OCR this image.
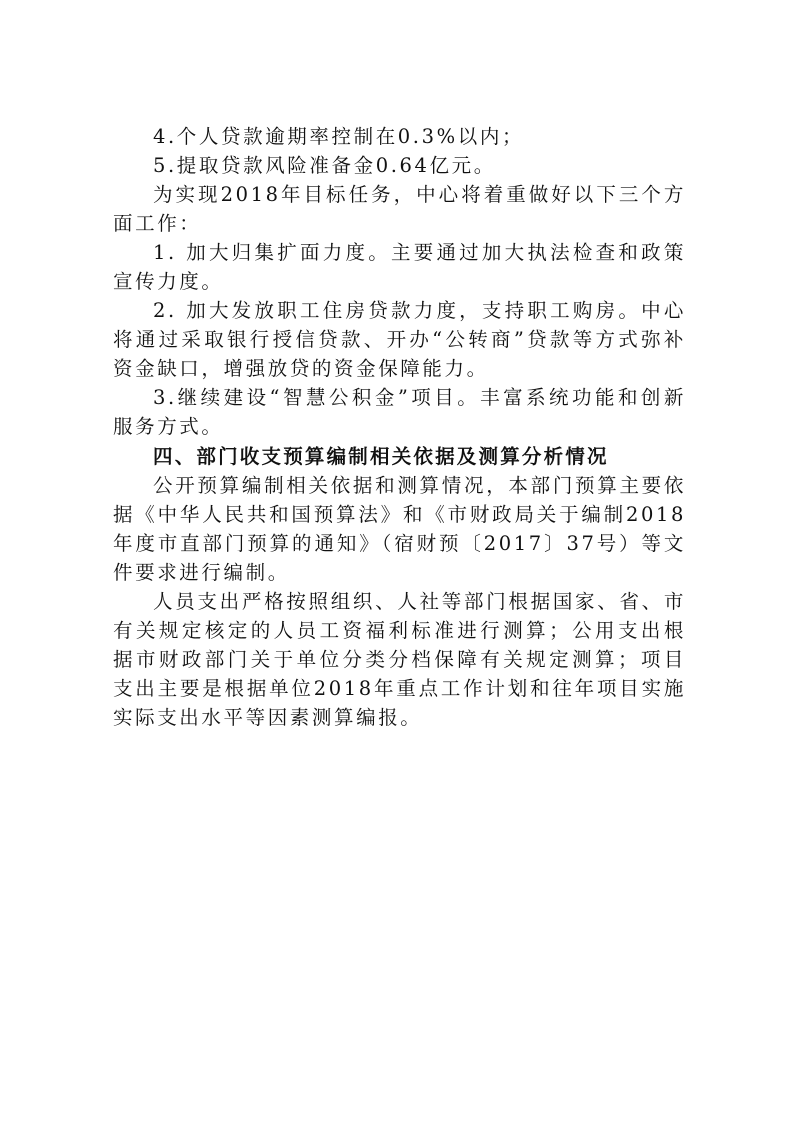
4.个人贷款逾期率控制在0.3%以内；

5.提取贷款风险准备金0.64亿元。

为实现2018年目标任务，中心将着重做好以下三个方面工作：

1. 加大归集扩面力度。主要通过加大执法检查和政策宣传力度。

2. 加大发放职工住房贷款力度，支持职工购房。中心将通过采取银行授信贷款、开办“公转商”贷款等方式弥补资金缺口，增强放贷的资金保障能力。

3.继续建设“智慧公积金”项目。丰富系统功能和创新服务方式。

四、部门收支预算编制相关依据及测算分析情况

公开预算编制相关依据和测算情况，本部门预算主要依据《中华人民共和国预算法》和《市财政局关于编制2018年度市直部门预算的通知》（宿财预〔2017〕37号）等文件要求进行编制。

人员支出严格按照组织、人社等部门根据国家、省、市有关规定核定的人员工资福利标准进行测算；公用支出根据市财政部门关于单位分类分档保障有关规定测算；项目支出主要是根据单位2018年重点工作计划和往年项目实施实际支出水平等因素测算编报。
